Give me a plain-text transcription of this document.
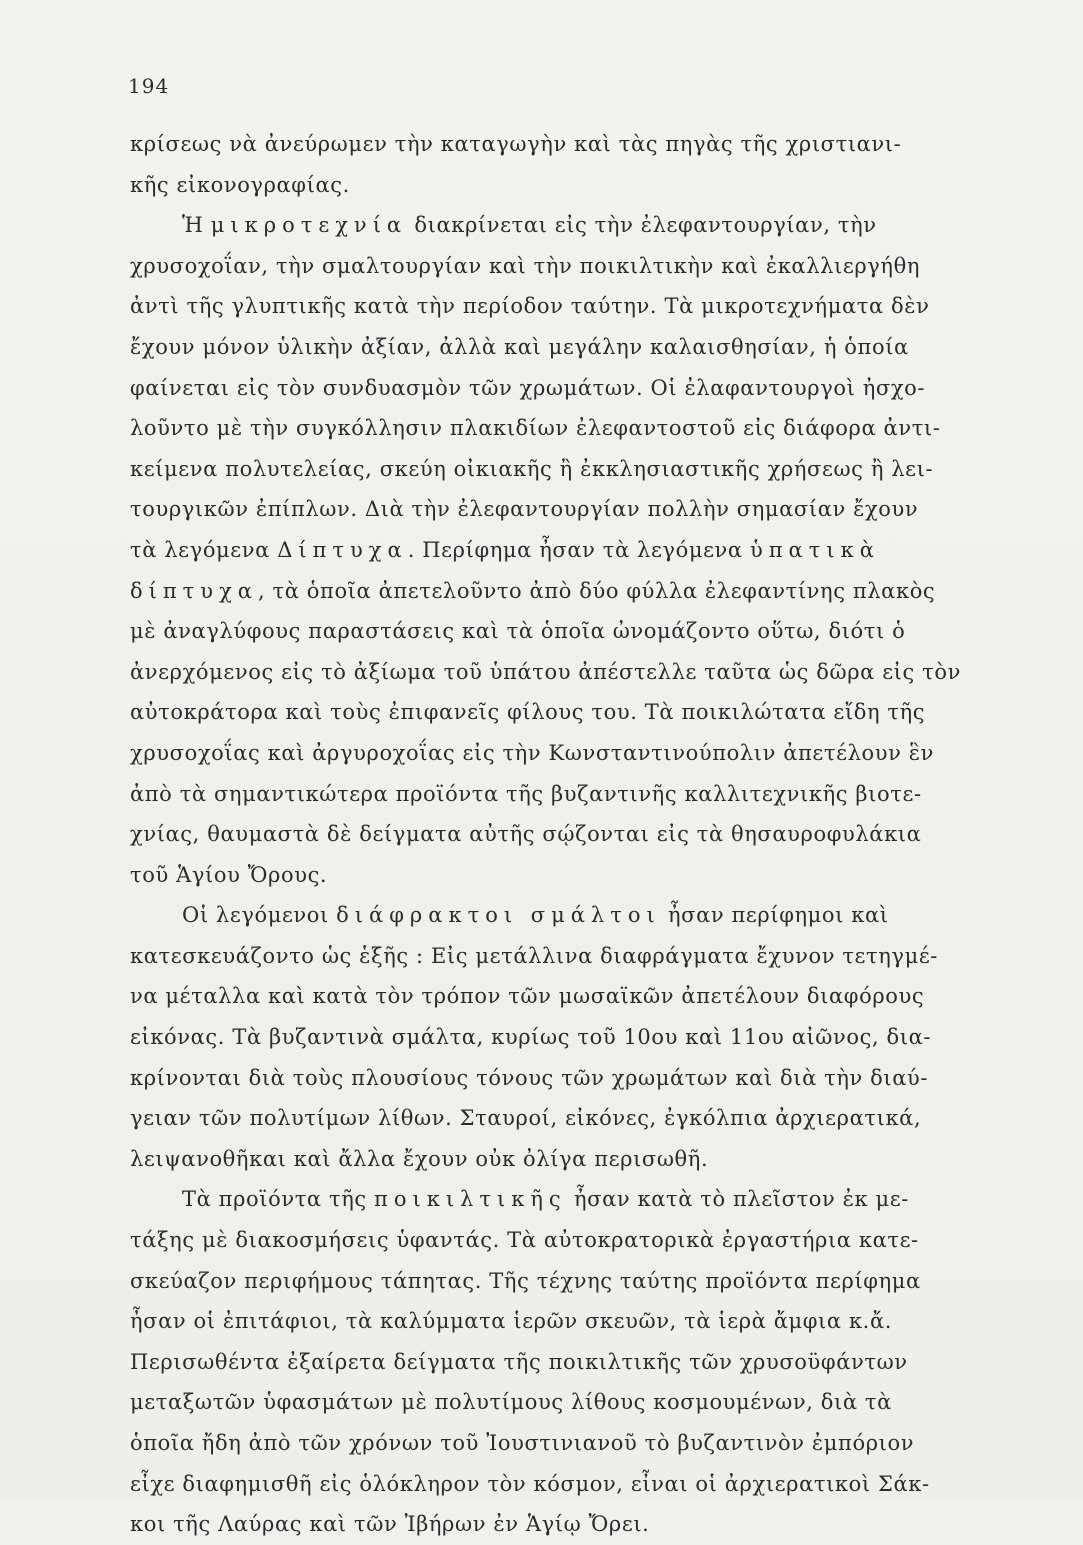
194
κρίσεως νὰ ἀνεύρωμεν τὴν καταγωγὴν καὶ τὰς πηγὰς τῆς χριστιανι-
κῆς εἰκονογραφίας.
Ἡ μικροτεχνία διακρίνεται εἰς τὴν ἐλεφαντουργίαν, τὴν
χρυσοχοΐαν, τὴν σμαλτουργίαν καὶ τὴν ποικιλτικὴν καὶ ἐκαλλιεργήθη
ἀντὶ τῆς γλυπτικῆς κατὰ τὴν περίοδον ταύτην. Τὰ μικροτεχνήματα δὲν
ἔχουν μόνον ὑλικὴν ἀξίαν, ἀλλὰ καὶ μεγάλην καλαισθησίαν, ἡ ὁποία
φαίνεται εἰς τὸν συνδυασμὸν τῶν χρωμάτων. Οἱ ἐλαφαντουργοὶ ἠσχο-
λοῦντο μὲ τὴν συγκόλλησιν πλακιδίων ἐλεφαντοστοῦ εἰς διάφορα ἀντι-
κείμενα πολυτελείας, σκεύη οἰκιακῆς ἢ ἐκκλησιαστικῆς χρήσεως ἢ λει-
τουργικῶν ἐπίπλων. Διὰ τὴν ἐλεφαντουργίαν πολλὴν σημασίαν ἔχουν
τὰ λεγόμενα Δίπτυχα. Περίφημα ἦσαν τὰ λεγόμενα ὑπατικὰ
δίπτυχα, τὰ ὁποῖα ἀπετελοῦντο ἀπὸ δύο φύλλα ἐλεφαντίνης πλακὸς
μὲ ἀναγλύφους παραστάσεις καὶ τὰ ὁποῖα ὠνομάζοντο οὕτω, διότι ὁ
ἀνερχόμενος εἰς τὸ ἀξίωμα τοῦ ὑπάτου ἀπέστελλε ταῦτα ὡς δῶρα εἰς τὸν
αὐτοκράτορα καὶ τοὺς ἐπιφανεῖς φίλους του. Τὰ ποικιλώτατα εἴδη τῆς
χρυσοχοΐας καὶ ἀργυροχοΐας εἰς τὴν Κωνσταντινούπολιν ἀπετέλουν ἓν
ἀπὸ τὰ σημαντικώτερα προϊόντα τῆς βυζαντινῆς καλλιτεχνικῆς βιοτε-
χνίας, θαυμαστὰ δὲ δείγματα αὐτῆς σῴζονται εἰς τὰ θησαυροφυλάκια
τοῦ Ἁγίου Ὄρους.
Οἱ λεγόμενοι διάφρακτοι σμάλτοι ἦσαν περίφημοι καὶ
κατεσκευάζοντο ὡς ἑξῆς : Εἰς μετάλλινα διαφράγματα ἔχυνον τετηγμέ-
να μέταλλα καὶ κατὰ τὸν τρόπον τῶν μωσαϊκῶν ἀπετέλουν διαφόρους
εἰκόνας. Τὰ βυζαντινὰ σμάλτα, κυρίως τοῦ 10ου καὶ 11ου αἰῶνος, δια-
κρίνονται διὰ τοὺς πλουσίους τόνους τῶν χρωμάτων καὶ διὰ τὴν διαύ-
γειαν τῶν πολυτίμων λίθων. Σταυροί, εἰκόνες, ἐγκόλπια ἀρχιερατικά,
λειψανοθῆκαι καὶ ἄλλα ἔχουν οὐκ ὀλίγα περισωθῆ.
Τὰ προϊόντα τῆς ποικιλτικῆς ἦσαν κατὰ τὸ πλεῖστον ἐκ με-
τάξης μὲ διακοσμήσεις ὑφαντάς. Τὰ αὐτοκρατορικὰ ἐργαστήρια κατε-
σκεύαζον περιφήμους τάπητας. Τῆς τέχνης ταύτης προϊόντα περίφημα
ἦσαν οἱ ἐπιτάφιοι, τὰ καλύμματα ἱερῶν σκευῶν, τὰ ἱερὰ ἄμφια κ.ἄ.
Περισωθέντα ἐξαίρετα δείγματα τῆς ποικιλτικῆς τῶν χρυσοϋφάντων
μεταξωτῶν ὑφασμάτων μὲ πολυτίμους λίθους κοσμουμένων, διὰ τὰ
ὁποῖα ἤδη ἀπὸ τῶν χρόνων τοῦ Ἰουστινιανοῦ τὸ βυζαντινὸν ἐμπόριον
εἶχε διαφημισθῆ εἰς ὁλόκληρον τὸν κόσμον, εἶναι οἱ ἀρχιερατικοὶ Σάκ-
κοι τῆς Λαύρας καὶ τῶν Ἰβήρων ἐν Ἁγίῳ Ὄρει.
